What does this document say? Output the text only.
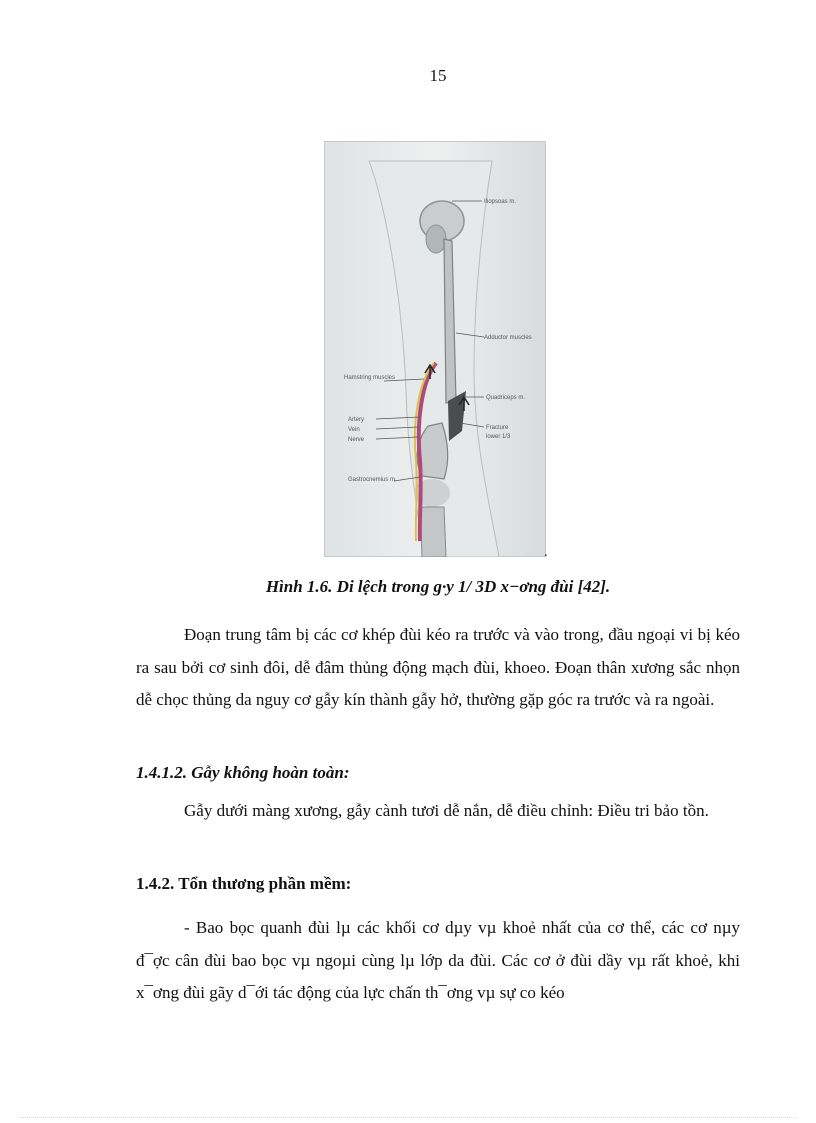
15
Iliopsoas m.
Adductor muscles
Hamstring muscles
Quadriceps m.
Artery
Vein
Nerve
Fracture
lower 1/3
Gastrocnemius m.
.
Hình 1.6. Di lệch trong g·y 1/ 3D x−ơng đùi [42].

Đoạn trung tâm bị các cơ khép đùi kéo ra trước và vào trong, đầu ngoại vi bị kéo ra sau bởi cơ sinh đôi, dễ đâm thủng động mạch đùi, khoeo. Đoạn thân xương sắc nhọn dễ chọc thủng da nguy cơ gẫy kín thành gẫy hở, thường gặp góc ra trước và ra ngoài.

1.4.1.2. Gẫy không hoàn toàn:

Gẫy dưới màng xương, gẫy cành tươi dễ nắn, dễ điều chỉnh: Điều tri bảo tồn.

1.4.2. Tổn thương phần mềm:

- Bao bọc quanh đùi lµ các khối cơ dµy vµ khoẻ nhất của cơ thể, các cơ nµy đ¯ợc cân đùi bao bọc vµ ngoµi cùng lµ lớp da đùi. Các cơ ở đùi dầy vµ rất khoẻ, khi x¯ơng đùi gãy d¯ới tác động của lực chấn th¯ơng vµ sự co kéo
